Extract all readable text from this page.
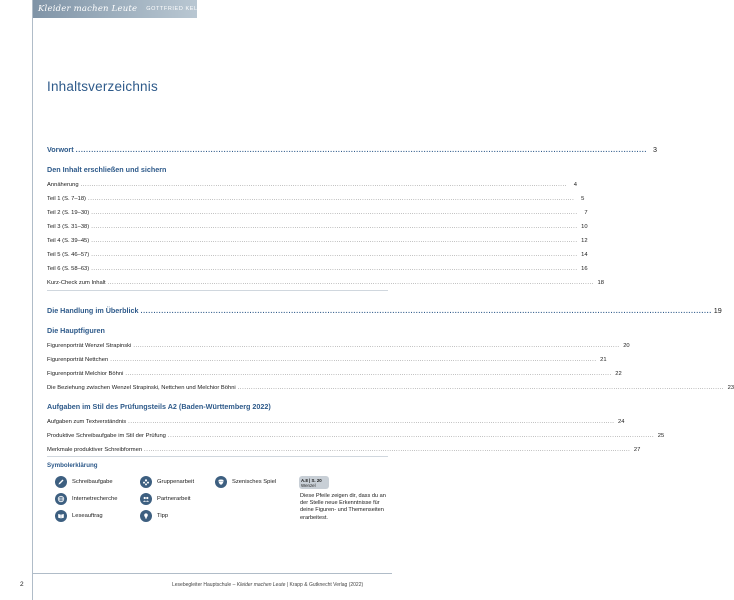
Kleider machen Leute GOTTFRIED KELLER
Inhaltsverzeichnis
Vorwort .....	3
Den Inhalt erschließen und sichern
Annäherung .....	4
Teil 1 (S. 7–18) .....	5
Teil 2 (S. 19–30) .....	7
Teil 3 (S. 31–38) .....	10
Teil 4 (S. 39–45) .....	12
Teil 5 (S. 46–57) .....	14
Teil 6 (S. 58–63) .....	16
Kurz-Check zum Inhalt .....	18
Die Handlung im Überblick .....	19
Die Hauptfiguren
Figurenporträt Wenzel Strapinski .....	20
Figurenporträt Nettchen .....	21
Figurenporträt Melchior Böhni .....	22
Die Beziehung zwischen Wenzel Strapinski, Nettchen und Melchior Böhni .....	23
Aufgaben im Stil des Prüfungsteils A2 (Baden-Württemberg 2022)
Aufgaben zum Textverständnis .....	24
Produktive Schreibaufgabe im Stil der Prüfung .....	25
Merkmale produktiver Schreibformen .....	27
Symbolerklärung
Schreibaufgabe	Gruppenarbeit	Szenisches Spiel
Internetrecherche	Partnerarbeit
Leseauftrag	Tipp
A.8 | S. 20
Wenzel
Diese Pfeile zeigen dir, dass du an der Stelle neue Erkenntnisse für deine Figuren- und Themenseiten erarbeitest.
2	Lesebegleiter Hauptschule – Kleider machen Leute | Krapp & Gutknecht Verlag (2022)
